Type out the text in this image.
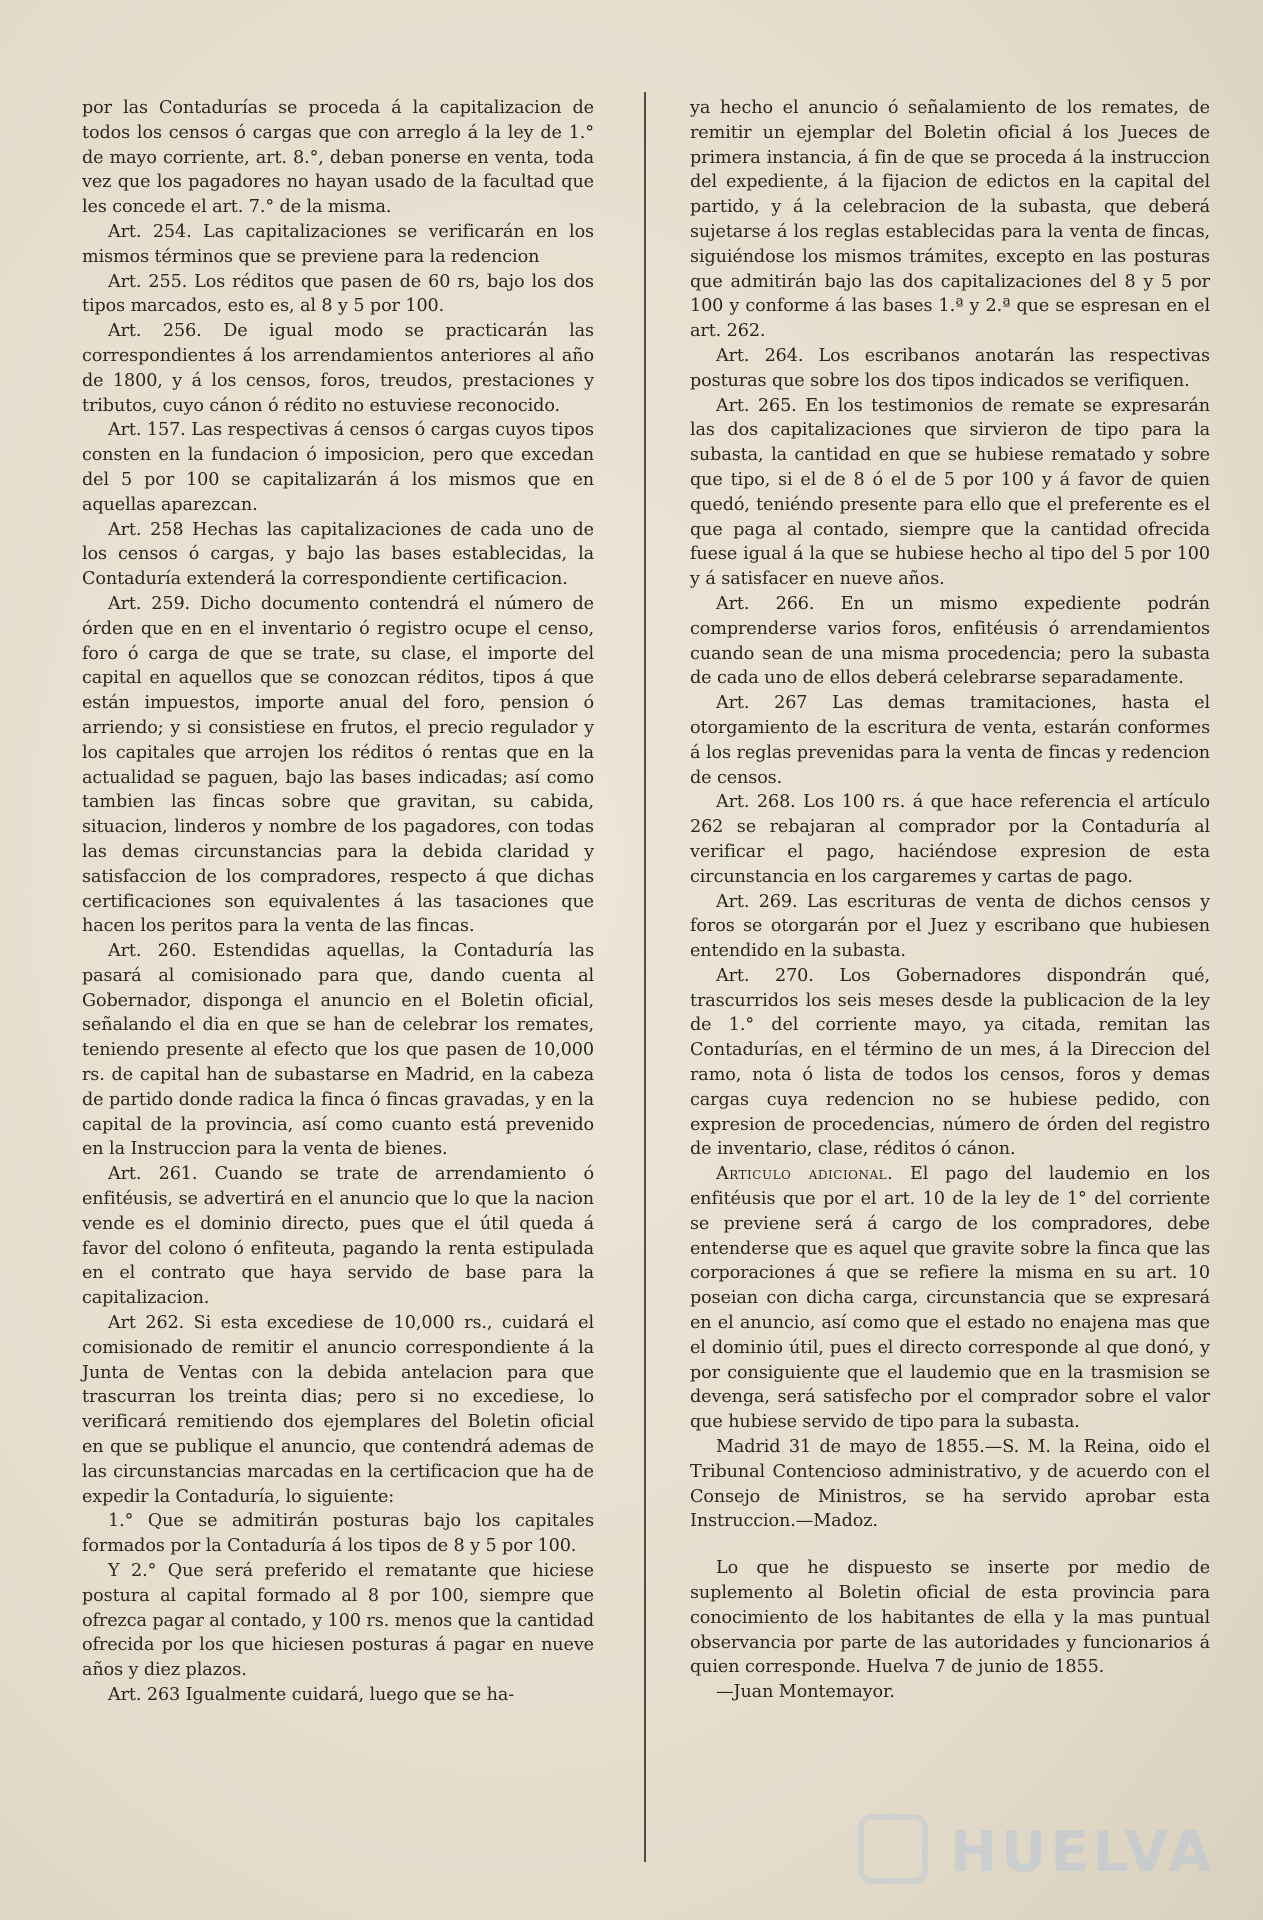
por las Contadurías se proceda á la capitalizacion de todos los censos ó cargas que con arreglo á la ley de 1.° de mayo corriente, art. 8.°, deban ponerse en venta, toda vez que los pagadores no hayan usado de la facultad que les concede el art. 7.° de la misma.

Art. 254. Las capitalizaciones se verificarán en los mismos términos que se previene para la redencion

Art. 255. Los réditos que pasen de 60 rs, bajo los dos tipos marcados, esto es, al 8 y 5 por 100.

Art. 256. De igual modo se practicarán las correspondientes á los arrendamientos anteriores al año de 1800, y á los censos, foros, treudos, prestaciones y tributos, cuyo cánon ó rédito no estuviese reconocido.

Art. 157. Las respectivas á censos ó cargas cuyos tipos consten en la fundacion ó imposicion, pero que excedan del 5 por 100 se capitalizarán á los mismos que en aquellas aparezcan.

Art. 258 Hechas las capitalizaciones de cada uno de los censos ó cargas, y bajo las bases establecidas, la Contaduría extenderá la correspondiente certificacion.

Art. 259. Dicho documento contendrá el número de órden que en en el inventario ó registro ocupe el censo, foro ó carga de que se trate, su clase, el importe del capital en aquellos que se conozcan réditos, tipos á que están impuestos, importe anual del foro, pension ó arriendo; y si consistiese en frutos, el precio regulador y los capitales que arrojen los réditos ó rentas que en la actualidad se paguen, bajo las bases indicadas; así como tambien las fincas sobre que gravitan, su cabida, situacion, linderos y nombre de los pagadores, con todas las demas circunstancias para la debida claridad y satisfaccion de los compradores, respecto á que dichas certificaciones son equivalentes á las tasaciones que hacen los peritos para la venta de las fincas.

Art. 260. Estendidas aquellas, la Contaduría las pasará al comisionado para que, dando cuenta al Gobernador, disponga el anuncio en el Boletin oficial, señalando el dia en que se han de celebrar los remates, teniendo presente al efecto que los que pasen de 10,000 rs. de capital han de subastarse en Madrid, en la cabeza de partido donde radica la finca ó fincas gravadas, y en la capital de la provincia, así como cuanto está prevenido en la Instruccion para la venta de bienes.

Art. 261. Cuando se trate de arrendamiento ó enfitéusis, se advertirá en el anuncio que lo que la nacion vende es el dominio directo, pues que el útil queda á favor del colono ó enfiteuta, pagando la renta estipulada en el contrato que haya servido de base para la capitalizacion.

Art 262. Si esta excediese de 10,000 rs., cuidará el comisionado de remitir el anuncio correspondiente á la Junta de Ventas con la debida antelacion para que trascurran los treinta dias; pero si no excediese, lo verificará remitiendo dos ejemplares del Boletin oficial en que se publique el anuncio, que contendrá ademas de las circunstancias marcadas en la certificacion que ha de expedir la Contaduría, lo siguiente:

1.° Que se admitirán posturas bajo los capitales formados por la Contaduría á los tipos de 8 y 5 por 100.

Y 2.° Que será preferido el rematante que hiciese postura al capital formado al 8 por 100, siempre que ofrezca pagar al contado, y 100 rs. menos que la cantidad ofrecida por los que hiciesen posturas á pagar en nueve años y diez plazos.

Art. 263 Igualmente cuidará, luego que se ha-

ya hecho el anuncio ó señalamiento de los remates, de remitir un ejemplar del Boletin oficial á los Jueces de primera instancia, á fin de que se proceda á la instruccion del expediente, á la fijacion de edictos en la capital del partido, y á la celebracion de la subasta, que deberá sujetarse á los reglas establecidas para la venta de fincas, siguiéndose los mismos trámites, excepto en las posturas que admitirán bajo las dos capitalizaciones del 8 y 5 por 100 y conforme á las bases 1.ª y 2.ª que se espresan en el art. 262.

Art. 264. Los escribanos anotarán las respectivas posturas que sobre los dos tipos indicados se verifiquen.

Art. 265. En los testimonios de remate se expresarán las dos capitalizaciones que sirvieron de tipo para la subasta, la cantidad en que se hubiese rematado y sobre que tipo, si el de 8 ó el de 5 por 100 y á favor de quien quedó, teniéndo presente para ello que el preferente es el que paga al contado, siempre que la cantidad ofrecida fuese igual á la que se hubiese hecho al tipo del 5 por 100 y á satisfacer en nueve años.

Art. 266. En un mismo expediente podrán comprenderse varios foros, enfitéusis ó arrendamientos cuando sean de una misma procedencia; pero la subasta de cada uno de ellos deberá celebrarse separadamente.

Art. 267 Las demas tramitaciones, hasta el otorgamiento de la escritura de venta, estarán conformes á los reglas prevenidas para la venta de fincas y redencion de censos.

Art. 268. Los 100 rs. á que hace referencia el artículo 262 se rebajaran al comprador por la Contaduría al verificar el pago, haciéndose expresion de esta circunstancia en los cargaremes y cartas de pago.

Art. 269. Las escrituras de venta de dichos censos y foros se otorgarán por el Juez y escribano que hubiesen entendido en la subasta.

Art. 270. Los Gobernadores dispondrán qué, trascurridos los seis meses desde la publicacion de la ley de 1.° del corriente mayo, ya citada, remitan las Contadurías, en el término de un mes, á la Direccion del ramo, nota ó lista de todos los censos, foros y demas cargas cuya redencion no se hubiese pedido, con expresion de procedencias, número de órden del registro de inventario, clase, réditos ó cánon.

Articulo adicional. El pago del laudemio en los enfitéusis que por el art. 10 de la ley de 1° del corriente se previene será á cargo de los compradores, debe entenderse que es aquel que gravite sobre la finca que las corporaciones á que se refiere la misma en su art. 10 poseian con dicha carga, circunstancia que se expresará en el anuncio, así como que el estado no enajena mas que el dominio útil, pues el directo corresponde al que donó, y por consiguiente que el laudemio que en la trasmision se devenga, será satisfecho por el comprador sobre el valor que hubiese servido de tipo para la subasta.

Madrid 31 de mayo de 1855.—S. M. la Reina, oido el Tribunal Contencioso administrativo, y de acuerdo con el Consejo de Ministros, se ha servido aprobar esta Instruccion.—Madoz.

Lo que he dispuesto se inserte por medio de suplemento al Boletin oficial de esta provincia para conocimiento de los habitantes de ella y la mas puntual observancia por parte de las autoridades y funcionarios á quien corresponde. Huelva 7 de junio de 1855.

—Juan Montemayor.

HUELVA
